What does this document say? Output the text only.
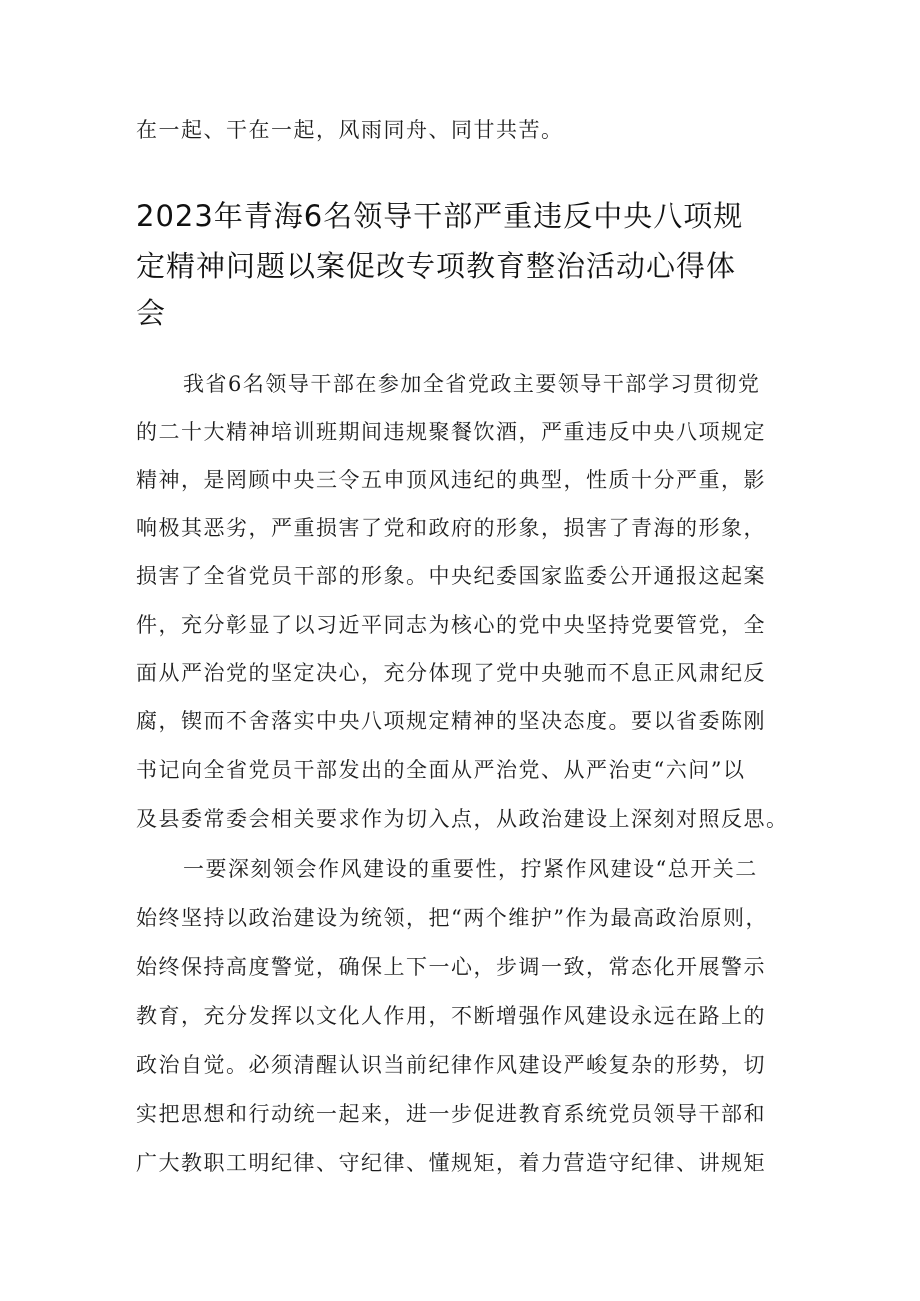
在一起、干在一起，风雨同舟、同甘共苦。
2023年青海6名领导干部严重违反中央八项规
定精神问题以案促改专项教育整治活动心得体
会
我省6名领导干部在参加全省党政主要领导干部学习贯彻党
的二十大精神培训班期间违规聚餐饮酒，严重违反中央八项规定
精神，是罔顾中央三令五申顶风违纪的典型，性质十分严重，影
响极其恶劣，严重损害了党和政府的形象，损害了青海的形象，
损害了全省党员干部的形象。中央纪委国家监委公开通报这起案
件，充分彰显了以习近平同志为核心的党中央坚持党要管党，全
面从严治党的坚定决心，充分体现了党中央驰而不息正风肃纪反
腐，锲而不舍落实中央八项规定精神的坚决态度。要以省委陈刚
书记向全省党员干部发出的全面从严治党、从严治吏“六问”以
及县委常委会相关要求作为切入点，从政治建设上深刻对照反思。
一要深刻领会作风建设的重要性，拧紧作风建设“总开关二
始终坚持以政治建设为统领，把“两个维护”作为最高政治原则，
始终保持高度警觉，确保上下一心，步调一致，常态化开展警示
教育，充分发挥以文化人作用，不断增强作风建设永远在路上的
政治自觉。必须清醒认识当前纪律作风建设严峻复杂的形势，切
实把思想和行动统一起来，进一步促进教育系统党员领导干部和
广大教职工明纪律、守纪律、懂规矩，着力营造守纪律、讲规矩
